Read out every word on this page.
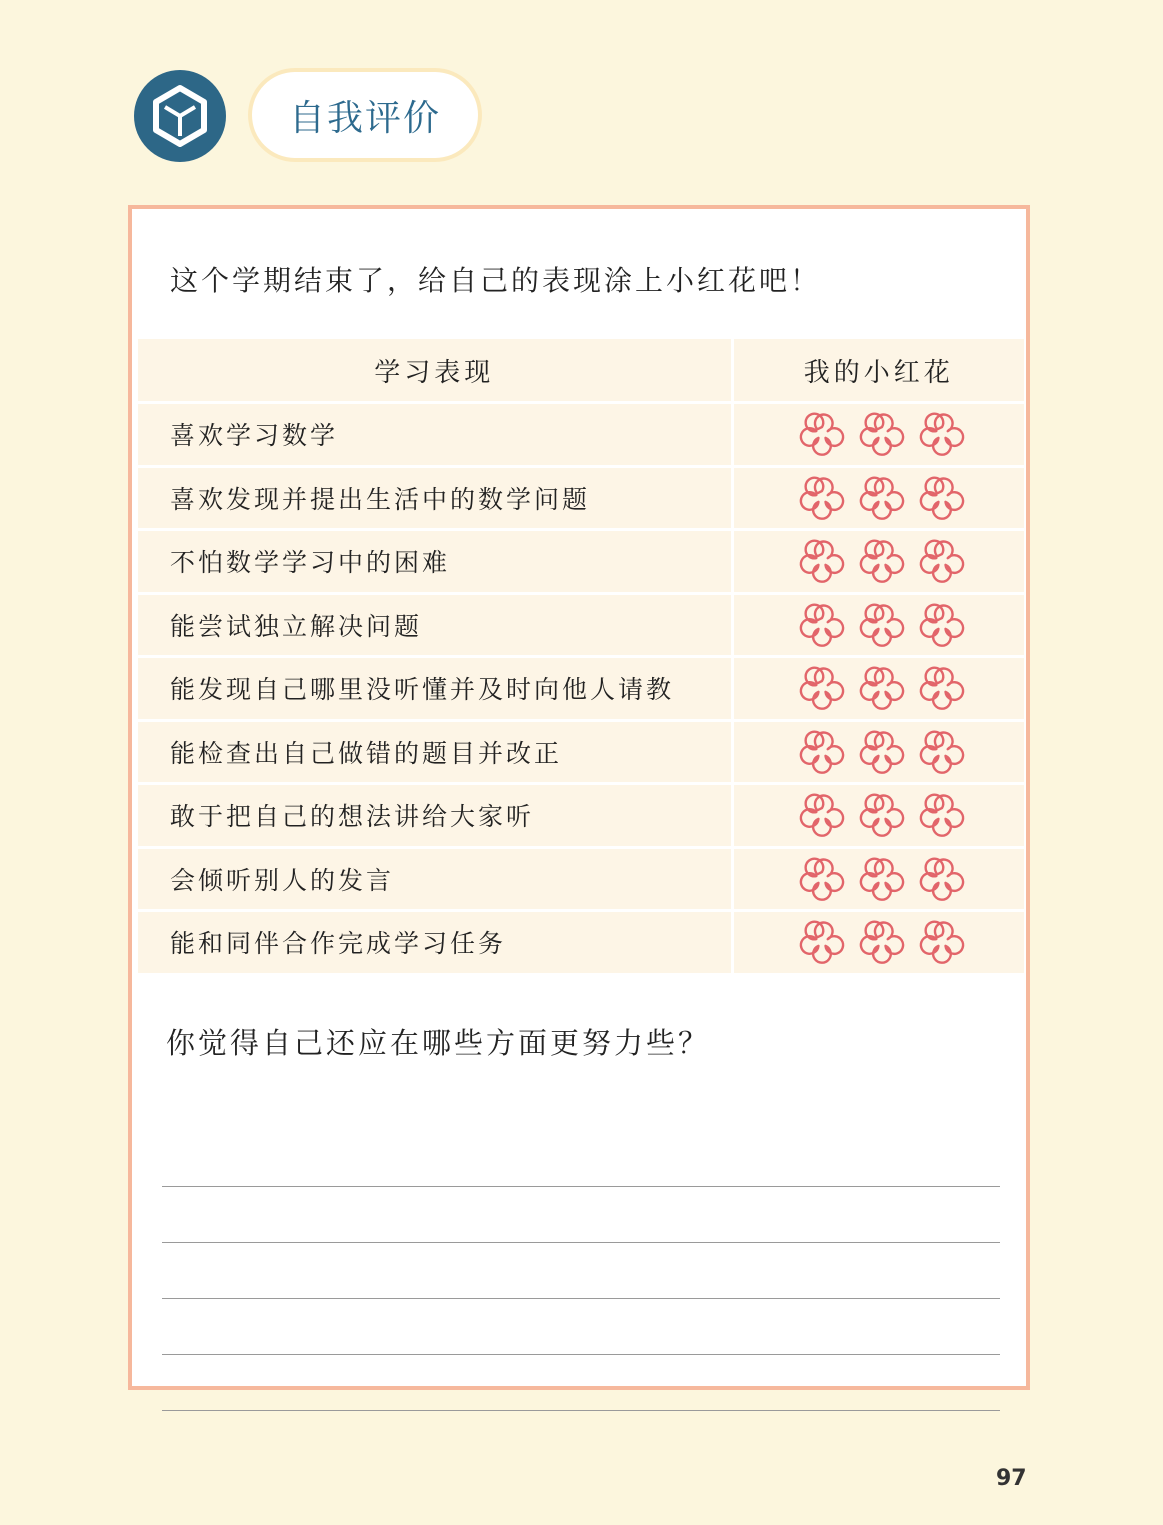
自我评价
这个学期结束了，给自己的表现涂上小红花吧！
学习表现	我的小红花
喜欢学习数学	

喜欢发现并提出生活中的数学问题	

不怕数学学习中的困难	

能尝试独立解决问题	

能发现自己哪里没听懂并及时向他人请教	

能检查出自己做错的题目并改正	

敢于把自己的想法讲给大家听	

会倾听别人的发言	

能和同伴合作完成学习任务	
你觉得自己还应在哪些方面更努力些？
97
